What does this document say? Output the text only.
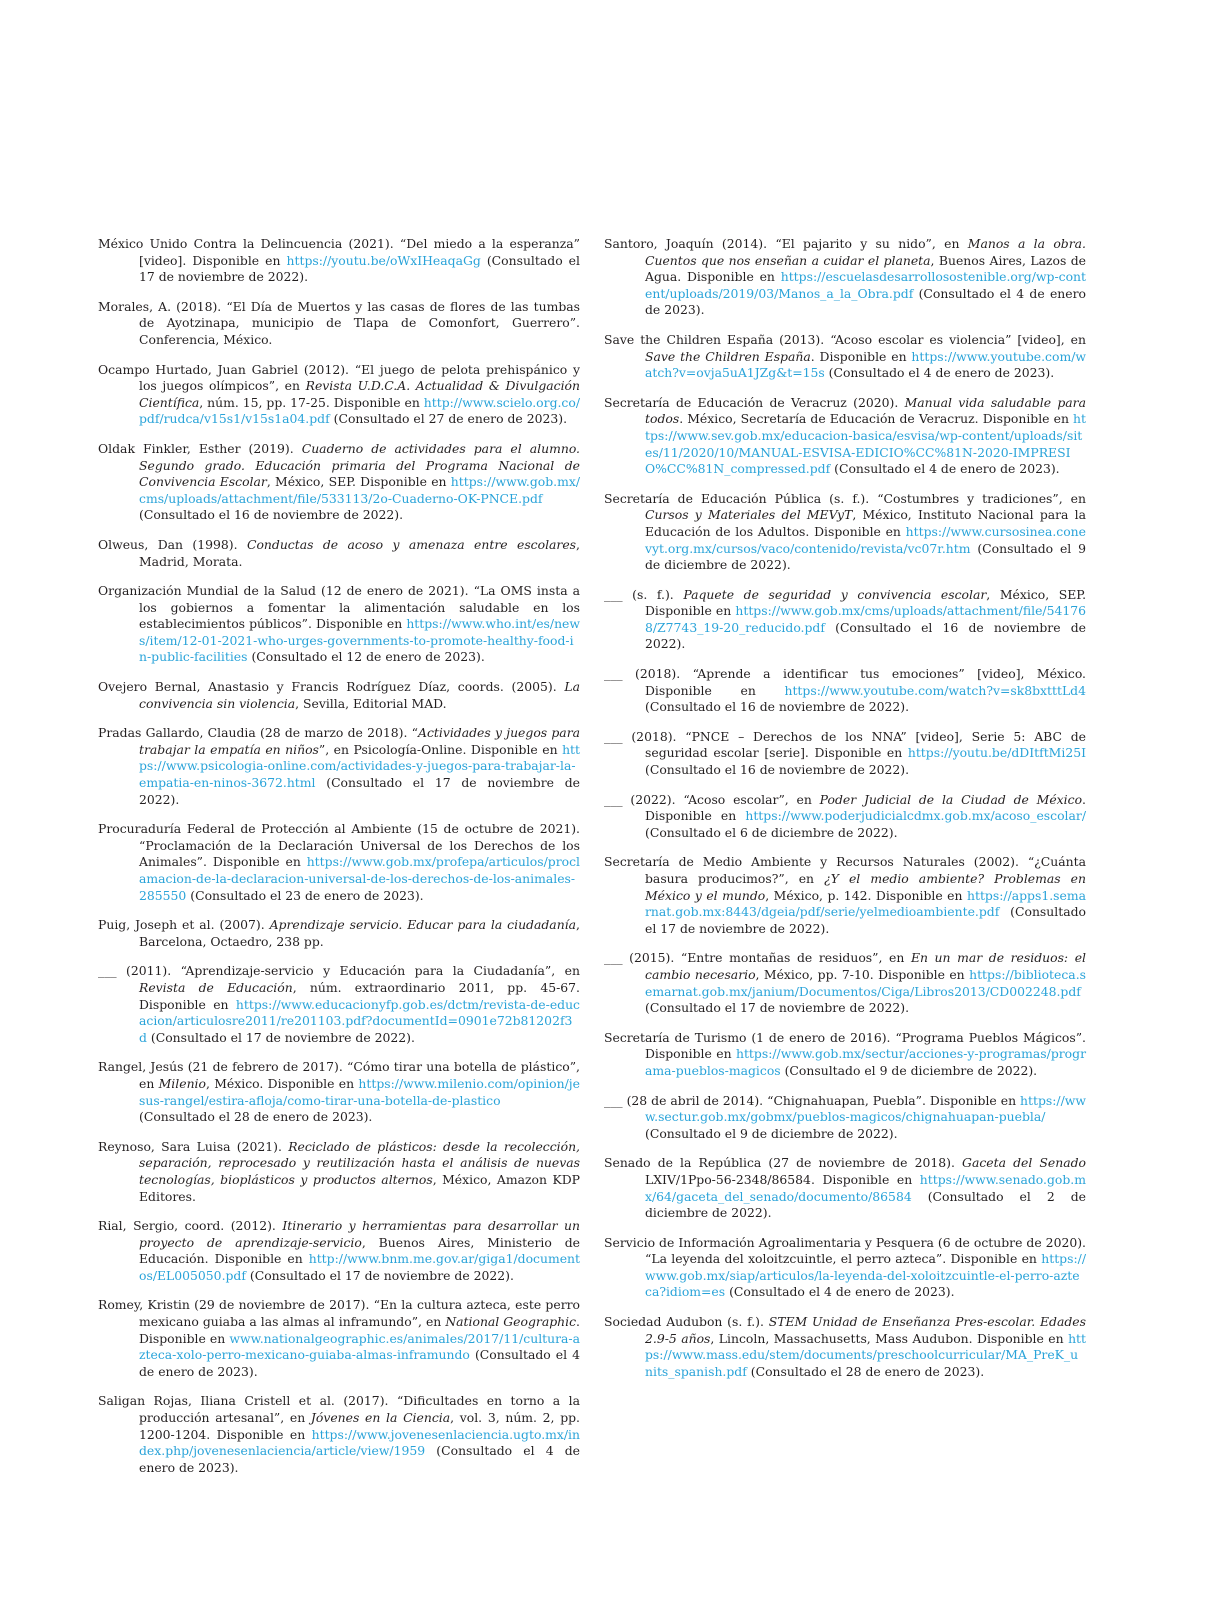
México Unido Contra la Delincuencia (2021). “Del miedo a la esperanza” [video]. Disponible en https://youtu.be/oWxIHeaqaGg (Consultado el 17 de noviembre de 2022).

Morales, A. (2018). “El Día de Muertos y las casas de flores de las tumbas de Ayotzinapa, municipio de Tlapa de Comonfort, Guerrero”. Conferencia, México.

Ocampo Hurtado, Juan Gabriel (2012). “El juego de pelota prehispánico y los juegos olímpicos”, en Revista U.D.C.A. Actualidad & Divulgación Científica, núm. 15, pp. 17-25. Disponible en http://www.scielo.org.co/pdf/rudca/v15s1/v15s1a04.pdf (Consultado el 27 de enero de 2023).

Oldak Finkler, Esther (2019). Cuaderno de actividades para el alumno. Segundo grado. Educación primaria del Programa Nacional de Convivencia Escolar, México, SEP. Disponible en https://www.gob.mx/cms/uploads/attachment/file/533113/2o-Cuaderno-OK-PNCE.pdf (Consultado el 16 de noviembre de 2022).

Olweus, Dan (1998). Conductas de acoso y amenaza entre escolares, Madrid, Morata.

Organización Mundial de la Salud (12 de enero de 2021). “La OMS insta a los gobiernos a fomentar la alimentación saludable en los establecimientos públicos”. Disponible en https://www.who.int/es/news/item/12-01-2021-who-urges-governments-to-promote-healthy-food-in-public-facilities (Consultado el 12 de enero de 2023).

Ovejero Bernal, Anastasio y Francis Rodríguez Díaz, coords. (2005). La convivencia sin violencia, Sevilla, Editorial MAD.

Pradas Gallardo, Claudia (28 de marzo de 2018). “Actividades y juegos para trabajar la empatía en niños”, en Psicología-Online. Disponible en https://www.psicologia-online.com/actividades-y-juegos-para-trabajar-la-empatia-en-ninos-3672.html (Consultado el 17 de noviembre de 2022).

Procuraduría Federal de Protección al Ambiente (15 de octubre de 2021). “Proclamación de la Declaración Universal de los Derechos de los Animales”. Disponible en https://www.gob.mx/profepa/articulos/proclamacion-de-la-declaracion-universal-de-los-derechos-de-los-animales-285550 (Consultado el 23 de enero de 2023).

Puig, Joseph et al. (2007). Aprendizaje servicio. Educar para la ciudadanía, Barcelona, Octaedro, 238 pp.

___ (2011). “Aprendizaje-servicio y Educación para la Ciudadanía”, en Revista de Educación, núm. extraordinario 2011, pp. 45-67. Disponible en https://www.educacionyfp.gob.es/dctm/revista-de-educacion/articulosre2011/re201103.pdf?documentId=0901e72b81202f3d (Consultado el 17 de noviembre de 2022).

Rangel, Jesús (21 de febrero de 2017). “Cómo tirar una botella de plástico”, en Milenio, México. Disponible en https://www.milenio.com/opinion/jesus-rangel/estira-afloja/como-tirar-una-botella-de-plastico (Consultado el 28 de enero de 2023).

Reynoso, Sara Luisa (2021). Reciclado de plásticos: desde la recolección, separación, reprocesado y reutilización hasta el análisis de nuevas tecnologías, bioplásticos y productos alternos, México, Amazon KDP Editores.

Rial, Sergio, coord. (2012). Itinerario y herramientas para desarrollar un proyecto de aprendizaje-servicio, Buenos Aires, Ministerio de Educación. Disponible en http://www.bnm.me.gov.ar/giga1/documentos/EL005050.pdf (Consultado el 17 de noviembre de 2022).

Romey, Kristin (29 de noviembre de 2017). “En la cultura azteca, este perro mexicano guiaba a las almas al inframundo”, en National Geographic. Disponible en www.nationalgeographic.es/animales/2017/11/cultura-azteca-xolo-perro-mexicano-guiaba-almas-inframundo (Consultado el 4 de enero de 2023).

Saligan Rojas, Iliana Cristell et al. (2017). “Dificultades en torno a la producción artesanal”, en Jóvenes en la Ciencia, vol. 3, núm. 2, pp. 1200-1204. Disponible en https://www.jovenesenlaciencia.ugto.mx/index.php/jovenesenlaciencia/article/view/1959 (Consultado el 4 de enero de 2023).

Santoro, Joaquín (2014). “El pajarito y su nido”, en Manos a la obra. Cuentos que nos enseñan a cuidar el planeta, Buenos Aires, Lazos de Agua. Disponible en https://escuelasdesarrollosostenible.org/wp-content/uploads/2019/03/Manos_a_la_Obra.pdf (Consultado el 4 de enero de 2023).

Save the Children España (2013). “Acoso escolar es violencia” [video], en Save the Children España. Disponible en https://www.youtube.com/watch?v=ovja5uA1JZg&t=15s (Consultado el 4 de enero de 2023).

Secretaría de Educación de Veracruz (2020). Manual vida saludable para todos. México, Secretaría de Educación de Veracruz. Disponible en https://www.sev.gob.mx/educacion-basica/esvisa/wp-content/uploads/sites/11/2020/10/MANUAL-ESVISA-EDICIO%CC%81N-2020-IMPRESIO%CC%81N_compressed.pdf (Consultado el 4 de enero de 2023).

Secretaría de Educación Pública (s. f.). “Costumbres y tradiciones”, en Cursos y Materiales del MEVyT, México, Instituto Nacional para la Educación de los Adultos. Disponible en https://www.cursosinea.conevyt.org.mx/cursos/vaco/contenido/revista/vc07r.htm (Consultado el 9 de diciembre de 2022).

___ (s. f.). Paquete de seguridad y convivencia escolar, México, SEP. Disponible en https://www.gob.mx/cms/uploads/attachment/file/541768/Z7743_19-20_reducido.pdf (Consultado el 16 de noviembre de 2022).

___ (2018). “Aprende a identificar tus emociones” [video], México. Disponible en https://www.youtube.com/watch?v=sk8bxtttLd4 (Consultado el 16 de noviembre de 2022).

___ (2018). “PNCE – Derechos de los NNA” [video], Serie 5: ABC de seguridad escolar [serie]. Disponible en https://youtu.be/dDItftMi25I (Consultado el 16 de noviembre de 2022).

___ (2022). “Acoso escolar”, en Poder Judicial de la Ciudad de México. Disponible en https://www.poderjudicialcdmx.gob.mx/acoso_escolar/ (Consultado el 6 de diciembre de 2022).

Secretaría de Medio Ambiente y Recursos Naturales (2002). “¿Cuánta basura producimos?”, en ¿Y el medio ambiente? Problemas en México y el mundo, México, p. 142. Disponible en https://apps1.semarnat.gob.mx:8443/dgeia/pdf/serie/yelmedioambiente.pdf (Consultado el 17 de noviembre de 2022).

___ (2015). “Entre montañas de residuos”, en En un mar de residuos: el cambio necesario, México, pp. 7-10. Disponible en https://biblioteca.semarnat.gob.mx/janium/Documentos/Ciga/Libros2013/CD002248.pdf (Consultado el 17 de noviembre de 2022).

Secretaría de Turismo (1 de enero de 2016). “Programa Pueblos Mágicos”. Disponible en https://www.gob.mx/sectur/acciones-y-programas/programa-pueblos-magicos (Consultado el 9 de diciembre de 2022).

___ (28 de abril de 2014). “Chignahuapan, Puebla”. Disponible en https://www.sectur.gob.mx/gobmx/pueblos-magicos/chignahuapan-puebla/ (Consultado el 9 de diciembre de 2022).

Senado de la República (27 de noviembre de 2018). Gaceta del Senado LXIV/1Ppo-56-2348/86584. Disponible en https://www.senado.gob.mx/64/gaceta_del_senado/documento/86584 (Consultado el 2 de diciembre de 2022).

Servicio de Información Agroalimentaria y Pesquera (6 de octubre de 2020). “La leyenda del xoloitzcuintle, el perro azteca”. Disponible en https://www.gob.mx/siap/articulos/la-leyenda-del-xoloitzcuintle-el-perro-azteca?idiom=es (Consultado el 4 de enero de 2023).

Sociedad Audubon (s. f.). STEM Unidad de Enseñanza Pres-escolar. Edades 2.9-5 años, Lincoln, Massachusetts, Mass Audubon. Disponible en https://www.mass.edu/stem/documents/preschoolcurricular/MA_PreK_units_spanish.pdf (Consultado el 28 de enero de 2023).
